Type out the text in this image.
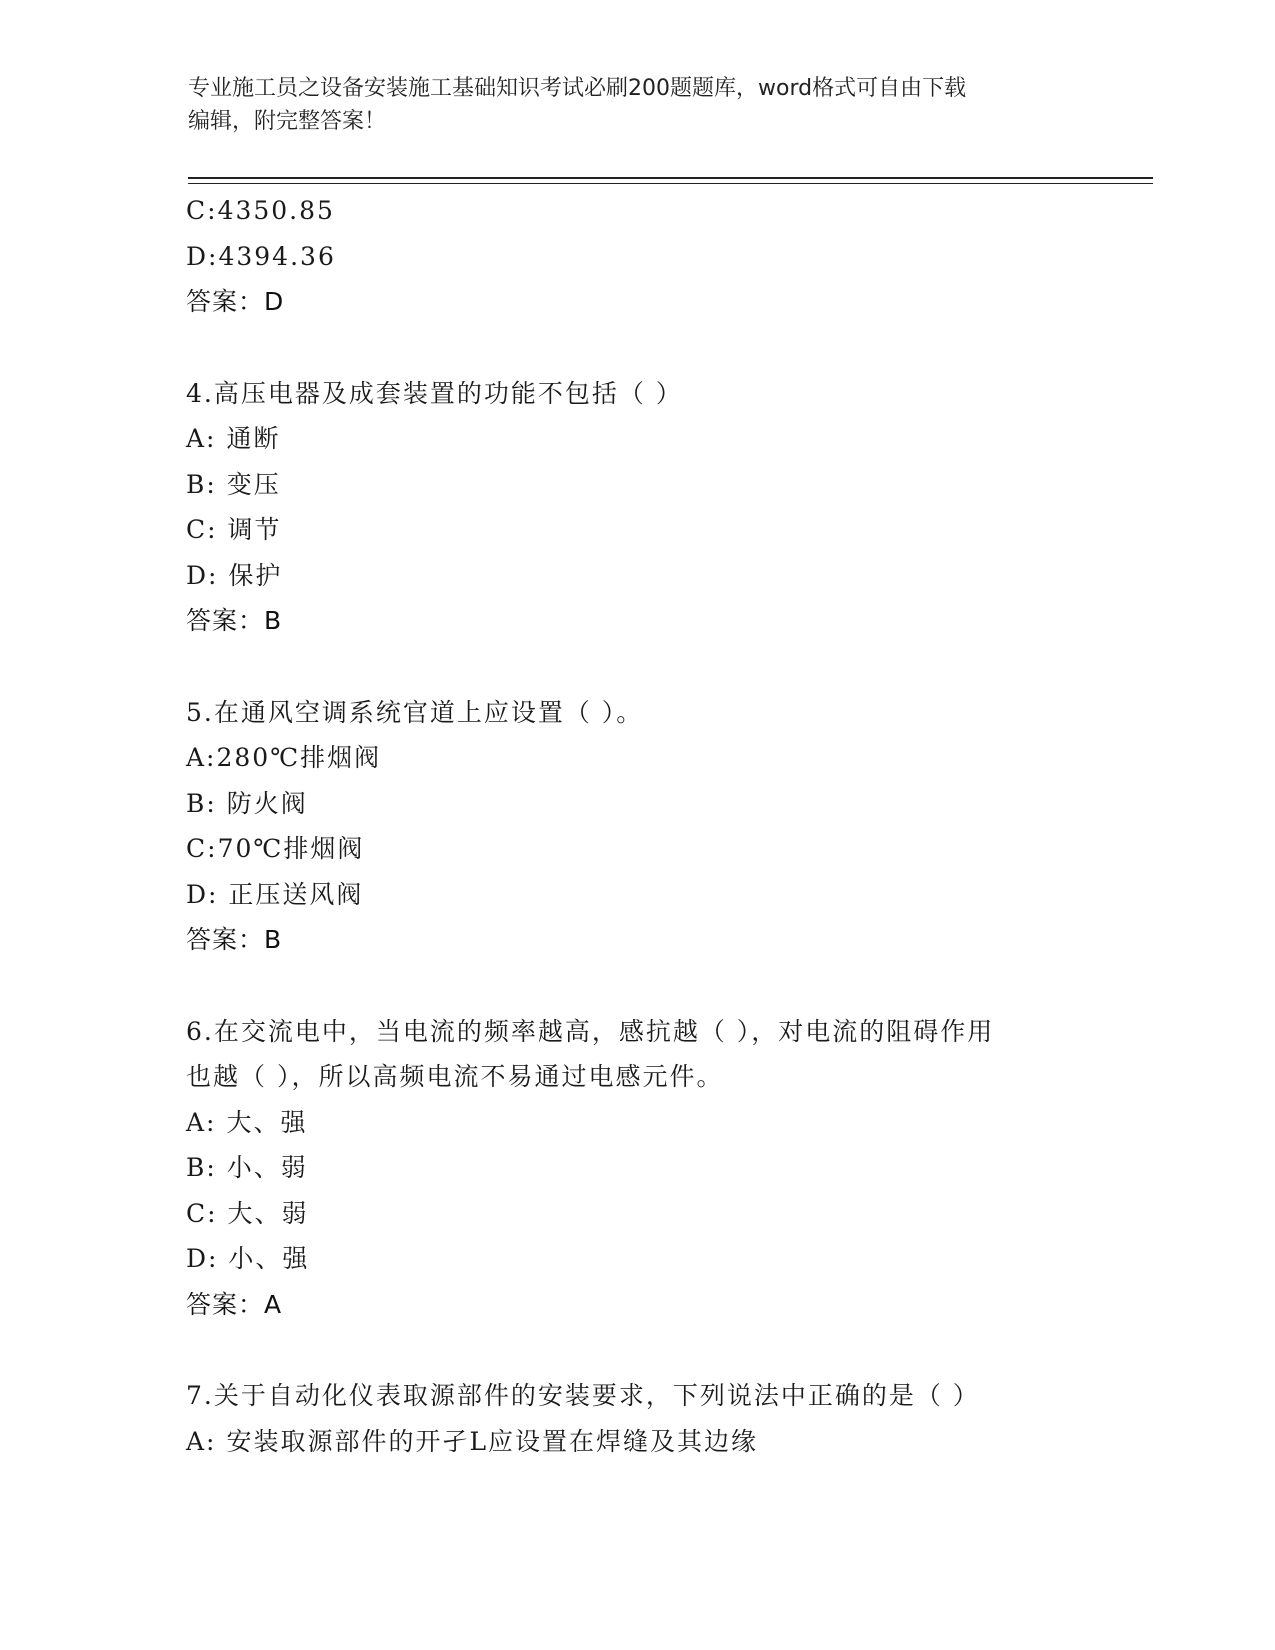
专业施工员之设备安装施工基础知识考试必刷200题题库，word格式可自由下载
编辑，附完整答案！
C:4350.85
D:4394.36
答案：D
4.高压电器及成套装置的功能不包括（ ）
A: 通断
B: 变压
C: 调节
D: 保护
答案：B
5.在通风空调系统官道上应设置（ ）。
A:280℃排烟阀
B: 防火阀
C:70℃排烟阀
D: 正压送风阀
答案：B
6.在交流电中，当电流的频率越高，感抗越（ ），对电流的阻碍作用
也越（ ），所以高频电流不易通过电感元件。
A: 大、强
B: 小、弱
C: 大、弱
D: 小、强
答案：A
7.关于自动化仪表取源部件的安装要求，下列说法中正确的是（ ）
A: 安装取源部件的开孑L应设置在焊缝及其边缘
